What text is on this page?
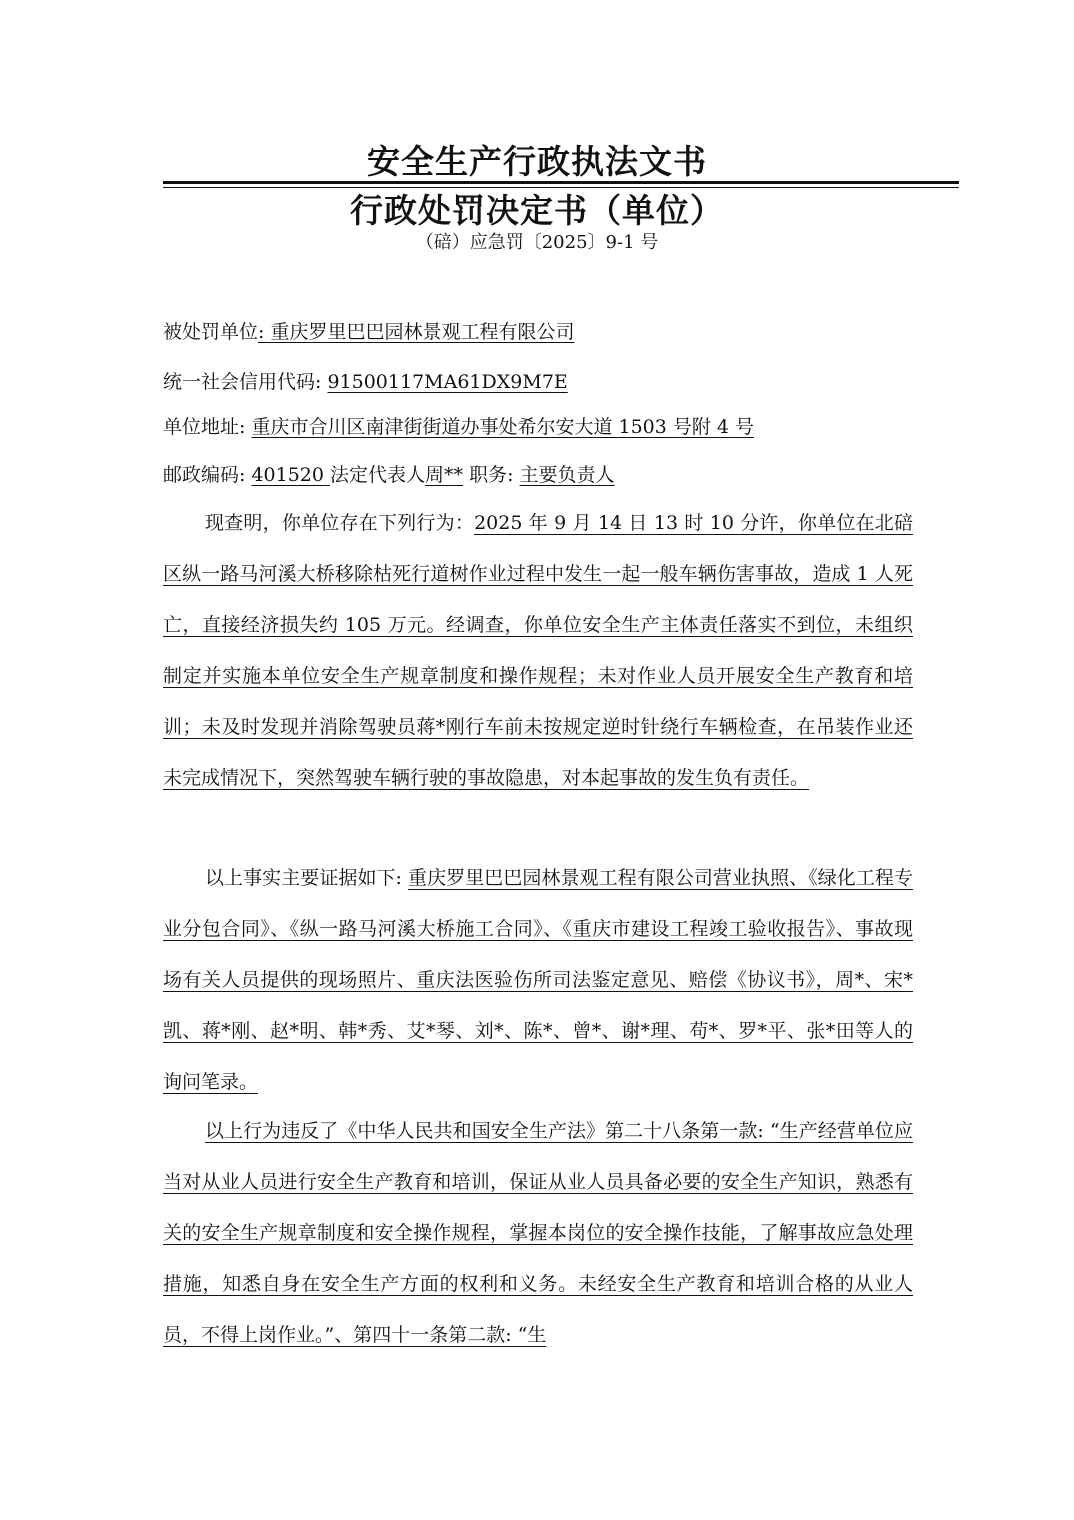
安全生产行政执法文书
行政处罚决定书（单位）
（碚）应急罚〔2025〕9-1 号
被处罚单位: 重庆罗里巴巴园林景观工程有限公司
统一社会信用代码: 91500117MA61DX9M7E
单位地址: 重庆市合川区南津街街道办事处希尔安大道 1503 号附 4 号
邮政编码: 401520 法定代表人周** 职务: 主要负责人
现查明，你单位存在下列行为：2025 年 9 月 14 日 13 时 10 分许，你单位在北碚区纵一路马河溪大桥移除枯死行道树作业过程中发生一起一般车辆伤害事故，造成 1 人死亡，直接经济损失约 105 万元。经调查，你单位安全生产主体责任落实不到位，未组织制定并实施本单位安全生产规章制度和操作规程；未对作业人员开展安全生产教育和培训；未及时发现并消除驾驶员蒋*刚行车前未按规定逆时针绕行车辆检查，在吊装作业还未完成情况下，突然驾驶车辆行驶的事故隐患，对本起事故的发生负有责任。
以上事实主要证据如下: 重庆罗里巴巴园林景观工程有限公司营业执照、《绿化工程专业分包合同》、《纵一路马河溪大桥施工合同》、《重庆市建设工程竣工验收报告》、事故现场有关人员提供的现场照片、重庆法医验伤所司法鉴定意见、赔偿《协议书》，周*、宋*凯、蒋*刚、赵*明、韩*秀、艾*琴、刘*、陈*、曾*、谢*理、苟*、罗*平、张*田等人的询问笔录。
以上行为违反了《中华人民共和国安全生产法》第二十八条第一款: “生产经营单位应当对从业人员进行安全生产教育和培训，保证从业人员具备必要的安全生产知识，熟悉有关的安全生产规章制度和安全操作规程，掌握本岗位的安全操作技能，了解事故应急处理措施，知悉自身在安全生产方面的权利和义务。未经安全生产教育和培训合格的从业人员，不得上岗作业。”、第四十一条第二款: “生
